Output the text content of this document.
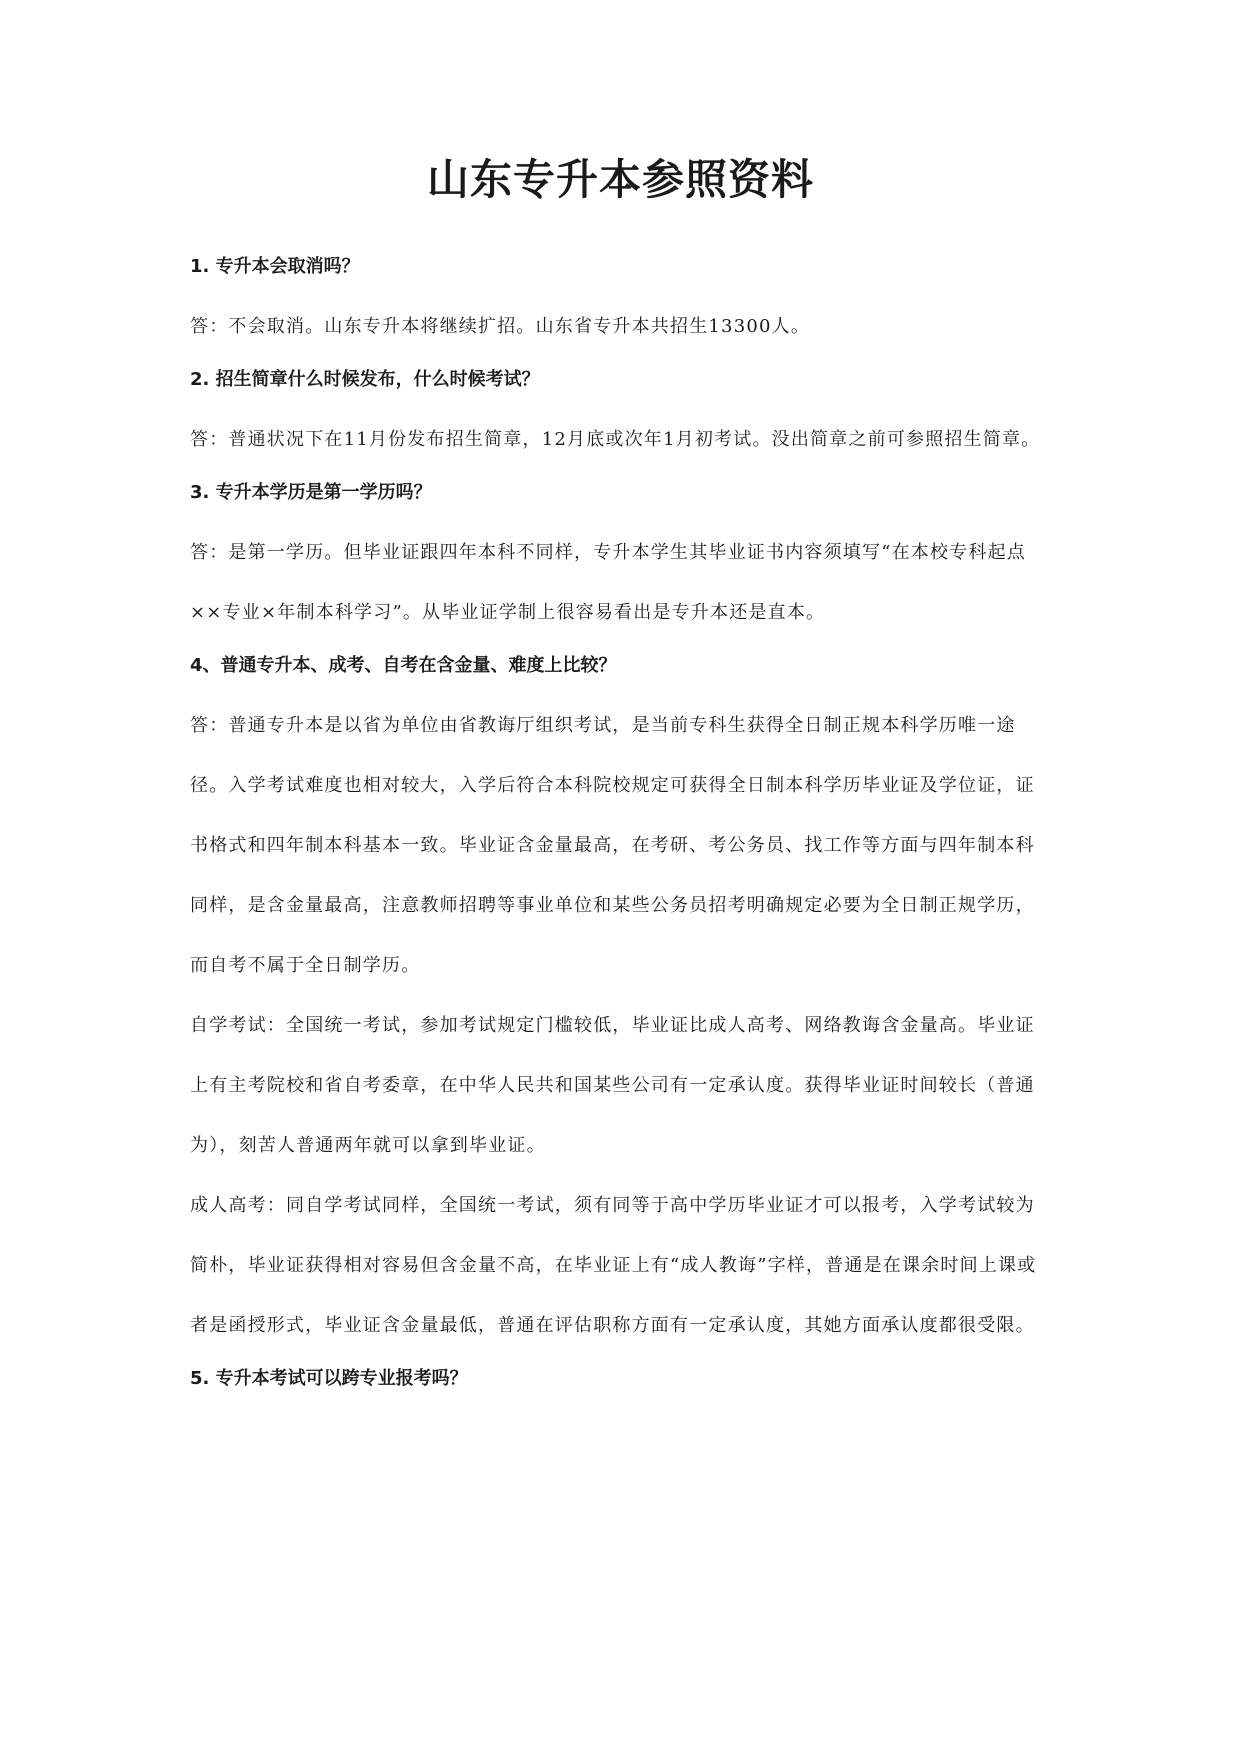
山东专升本参照资料

1. 专升本会取消吗？

答：不会取消。山东专升本将继续扩招。山东省专升本共招生13300人。

2. 招生简章什么时候发布，什么时候考试？

答：普通状况下在11月份发布招生简章，12月底或次年1月初考试。没出简章之前可参照招生简章。

3. 专升本学历是第一学历吗？

答：是第一学历。但毕业证跟四年本科不同样，专升本学生其毕业证书内容须填写“在本校专科起点××专业×年制本科学习”。从毕业证学制上很容易看出是专升本还是直本。

4、普通专升本、成考、自考在含金量、难度上比较？

答：普通专升本是以省为单位由省教诲厅组织考试，是当前专科生获得全日制正规本科学历唯一途径。入学考试难度也相对较大，入学后符合本科院校规定可获得全日制本科学历毕业证及学位证，证书格式和四年制本科基本一致。毕业证含金量最高，在考研、考公务员、找工作等方面与四年制本科同样，是含金量最高，注意教师招聘等事业单位和某些公务员招考明确规定必要为全日制正规学历，而自考不属于全日制学历。

自学考试：全国统一考试，参加考试规定门槛较低，毕业证比成人高考、网络教诲含金量高。毕业证上有主考院校和省自考委章，在中华人民共和国某些公司有一定承认度。获得毕业证时间较长（普通为），刻苦人普通两年就可以拿到毕业证。

成人高考：同自学考试同样，全国统一考试，须有同等于高中学历毕业证才可以报考，入学考试较为简朴，毕业证获得相对容易但含金量不高，在毕业证上有“成人教诲”字样，普通是在课余时间上课或者是函授形式，毕业证含金量最低，普通在评估职称方面有一定承认度，其她方面承认度都很受限。

5. 专升本考试可以跨专业报考吗？
